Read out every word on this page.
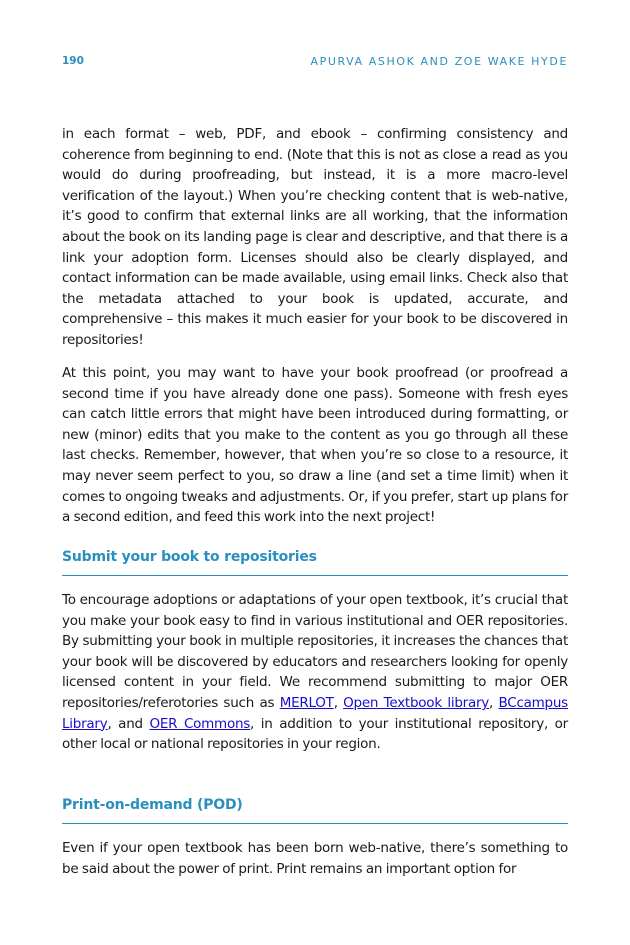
190	APURVA ASHOK AND ZOE WAKE HYDE

in each format – web, PDF, and ebook – confirming consistency and coherence from beginning to end. (Note that this is not as close a read as you would do during proofreading, but instead, it is a more macro-level verification of the layout.) When you’re checking content that is web-native, it’s good to confirm that external links are all working, that the information about the book on its landing page is clear and descriptive, and that there is a link your adoption form. Licenses should also be clearly displayed, and contact information can be made available, using email links. Check also that the metadata attached to your book is updated, accurate, and comprehensive – this makes it much easier for your book to be discovered in repositories!

At this point, you may want to have your book proofread (or proofread a second time if you have already done one pass). Someone with fresh eyes can catch little errors that might have been introduced during formatting, or new (minor) edits that you make to the content as you go through all these last checks. Remember, however, that when you’re so close to a resource, it may never seem perfect to you, so draw a line (and set a time limit) when it comes to ongoing tweaks and adjustments. Or, if you prefer, start up plans for a second edition, and feed this work into the next project!

Submit your book to repositories

To encourage adoptions or adaptations of your open textbook, it’s crucial that you make your book easy to find in various institutional and OER repositories. By submitting your book in multiple repositories, it increases the chances that your book will be discovered by educators and researchers looking for openly licensed content in your field. We recommend submitting to major OER repositories/referotories such as MERLOT, Open Textbook library, BCcampus Library, and OER Commons, in addition to your institutional repository, or other local or national repositories in your region.

Print-on-demand (POD)

Even if your open textbook has been born web-native, there’s something to be said about the power of print. Print remains an important option for
